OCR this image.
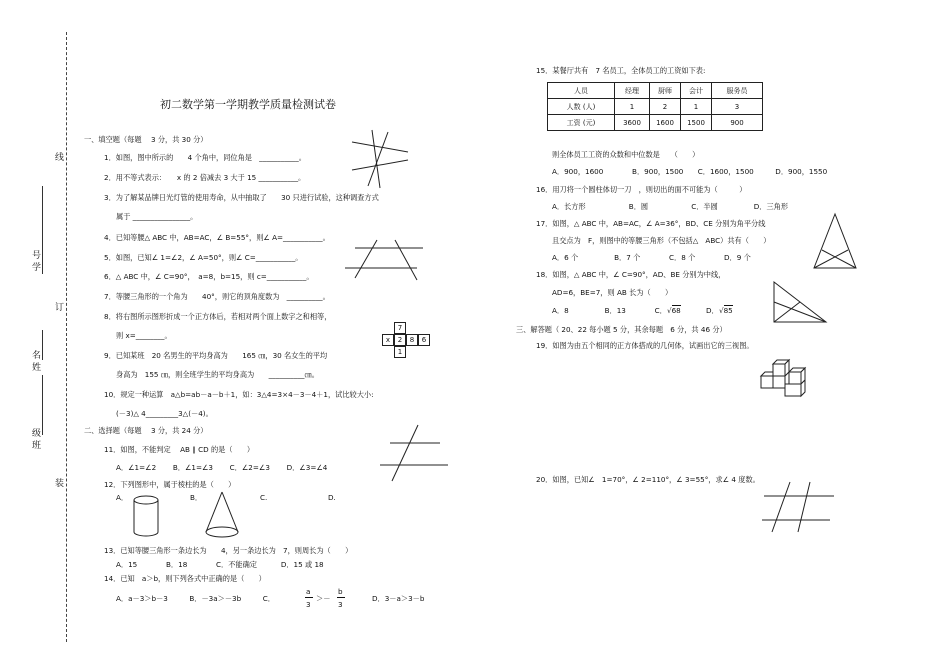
线
号
学
订
名
姓
级
班
装
初二数学第一学期教学质量检测试卷
一、填空题（每题　 3 分，共 30 分）
1．如图，图中所示的　　4 个角中，同位角是　___________。
2．用不等式表示：　　x 的 2 倍减去 3 大于 15 ___________。
3．为了解某品牌日光灯管的使用寿命，从中抽取了　　30 只进行试验，这种调查方式
属于 ________________。
4．已知等腰△ ABC 中，AB=AC，∠ B=55°，则∠ A=___________。
5．如图，已知∠ 1=∠2，∠ A=50°，则∠ C=___________。
6．△ ABC 中，∠ C=90°，　a=8，b=15，则 c=___________。
7．等腰三角形的一个角为　　40°，则它的顶角度数为　__________。
8．将右图所示图形折成一个正方体后，若相对两个面上数字之和相等，
则 x=________。
9．已知某班　20 名男生的平均身高为　　165 ㎝，30 名女生的平均
身高为　155 ㎝，则全班学生的平均身高为　　__________㎝。
10．规定一种运算　a△b=ab－a－b＋1，如：3△4=3×4－3－4＋1，试比较大小:
(－3)△ 4_________3△(－4)。
二、选择题（每题　 3 分，共 24 分）
11．如图，不能判定　 AB ∥ CD 的是（　　）
A．∠1=∠2　　 B．∠1=∠3　　 C．∠2=∠3　　 D．∠3=∠4
12．下列图形中，属于棱柱的是（　　）
A．	B．	C.	D.
13．已知等腰三角形一条边长为　　4，另一条边长为　7，则周长为（　　）
A．15　　　　B．18　　　　C．不能确定　　　 D．15 或 18
14．已知　a＞b，则下列各式中正确的是（　　）
A．a－3＞b－3　　　B．－3a＞－3b　　　C．
a
3
＞－
b
3
D．3－a＞3－b
7
x	2	8	6
1
15．某餐厅共有　7 名员工，全体员工的工资如下表:
人员	经理	厨师	会计	服务员
人数 (人)	1	2	1	3
工资 (元)	3600	1600	1500	900
则全体员工工资的众数和中位数是　　（　　）
A．900，1600　　　　B．900，1500　　C．1600，1500　　　D．900，1550
16．用刀将一个圆柱体切一刀　，则切出的面不可能为（　　　）
A．长方形　　　　　　B．圆　　　　　　C．半圆　　　　　D．三角形
17．如图，△ ABC 中，AB=AC，∠ A=36°，BD、CE 分别为角平分线
且交点为　F，则图中的等腰三角形（不包括△　ABC）共有（　　）
A．6 个　　　　　B．7 个　　　　C．8 个　　　　D．9 个
18．如图，△ ABC 中，∠ C=90°，AD、BE 分别为中线，
AD=6，BE=7，则 AB 长为（　　）
A．8　　　　　B．13　　　　C． √68	D． √85
三、解答题（ 20、22 每小题 5 分，其余每题　6 分，共 46 分）
19．如图为由五个相同的正方体搭成的几何体，试画出它的三视图。
20．如图，已知∠　1=70°，∠ 2=110°，∠ 3=55°，求∠ 4 度数。
